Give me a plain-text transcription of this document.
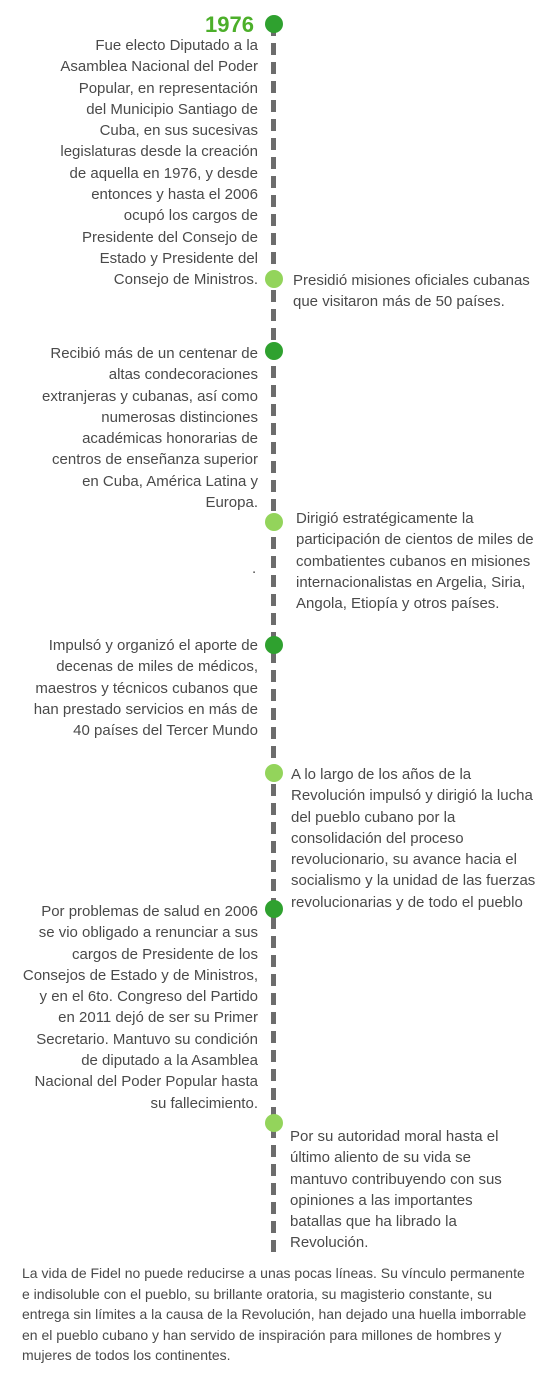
1976

Fue electo Diputado a la Asamblea Nacional del Poder Popular, en representación del Municipio Santiago de Cuba, en sus sucesivas legislaturas desde la creación de aquella en 1976, y desde entonces y hasta el 2006 ocupó los cargos de Presidente del Consejo de Estado y Presidente del Consejo de Ministros. Presidió misiones oficiales cubanas que visitaron más de 50 países.

Recibió más de un centenar de altas condecoraciones extranjeras y cubanas, así como numerosas distinciones académicas honorarias de centros de enseñanza superior en Cuba, América Latina y Europa.

Dirigió estratégicamente la participación de cientos de miles de combatientes cubanos en misiones internacionalistas en Argelia, Siria, Angola, Etiopía y otros países.

.

Impulsó y organizó el aporte de decenas de miles de médicos, maestros y técnicos cubanos que han prestado servicios en más de 40 países del Tercer Mundo

A lo largo de los años de la Revolución impulsó y dirigió la lucha del pueblo cubano por la consolidación del proceso revolucionario, su avance hacia el socialismo y la unidad de las fuerzas revolucionarias y de todo el pueblo

Por problemas de salud en 2006 se vio obligado a renunciar a sus cargos de Presidente de los Consejos de Estado y de Ministros, y en el 6to. Congreso del Partido en 2011 dejó de ser su Primer Secretario. Mantuvo su condición de diputado a la Asamblea Nacional del Poder Popular hasta su fallecimiento.

Por su autoridad moral hasta el último aliento de su vida se mantuvo contribuyendo con sus opiniones a las importantes batallas que ha librado la Revolución.

La vida de Fidel no puede reducirse a unas pocas líneas. Su vínculo permanente e indisoluble con el pueblo, su brillante oratoria, su magisterio constante, su entrega sin límites a la causa de la Revolución, han dejado una huella imborrable en el pueblo cubano y han servido de inspiración para millones de hombres y mujeres de todos los continentes.
